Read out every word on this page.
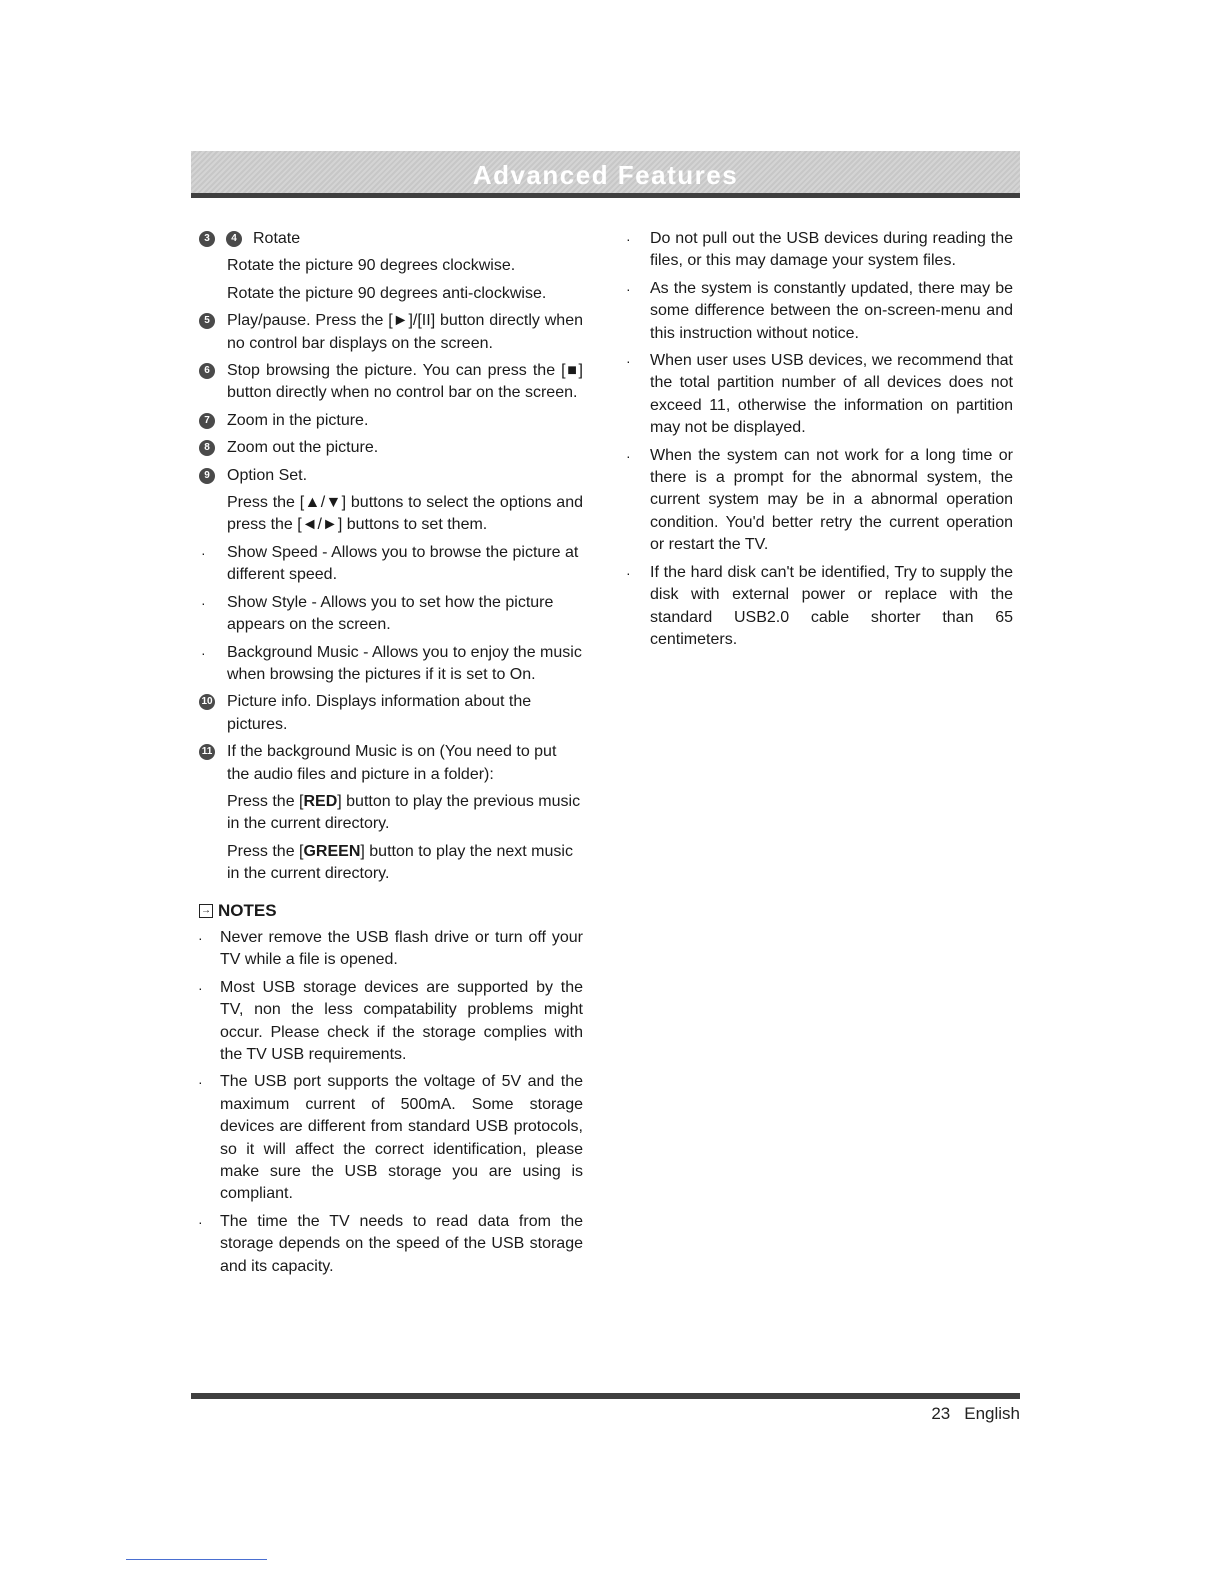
Advanced Features
3	4	Rotate
Rotate the picture 90 degrees clockwise.
Rotate the picture 90 degrees anti-clockwise.
5	Play/pause. Press the [►]/[II] button directly when no control bar displays on the screen.
6	Stop browsing the picture. You can press the [■] button directly when no control bar on the screen.
7	Zoom in the picture.
8	Zoom out the picture.
9	Option Set.
Press the [▲/▼] buttons to select the options and press the [◄/►] buttons to set them.
· Show Speed - Allows you to browse the picture at different speed.
· Show Style - Allows you to set how the picture appears on the screen.
· Background Music - Allows you to enjoy the music when browsing the pictures if it is set to On.
10 Picture info. Displays information about the pictures.
11 If the background Music is on (You need to put the audio files and picture in a folder):
Press the [RED] button to play the previous music in the current directory.
Press the [GREEN] button to play the next music in the current directory.
→ NOTES
· Never remove the USB flash drive or turn off your TV while a file is opened.
· Most USB storage devices are supported by the TV, non the less compatability problems might occur. Please check if the storage complies with the TV USB requirements.
· The USB port supports the voltage of 5V and the maximum current of 500mA. Some storage devices are different from standard USB protocols, so it will affect the correct identification, please make sure the USB storage you are using is compliant.
· The time the TV needs to read data from the storage depends on the speed of the USB storage and its capacity.
· Do not pull out the USB devices during reading the files, or this may damage your system files.
· As the system is constantly updated, there may be some difference between the on-screen-menu and this instruction without notice.
· When user uses USB devices, we recommend that the total partition number of all devices does not exceed 11, otherwise the information on partition may not be displayed.
· When the system can not work for a long time or there is a prompt for the abnormal system, the current system may be in a abnormal operation condition. You'd better retry the current operation or restart the TV.
· If the hard disk can't be identified, Try to supply the disk with external power or replace with the standard USB2.0 cable shorter than 65 centimeters.
23 English
